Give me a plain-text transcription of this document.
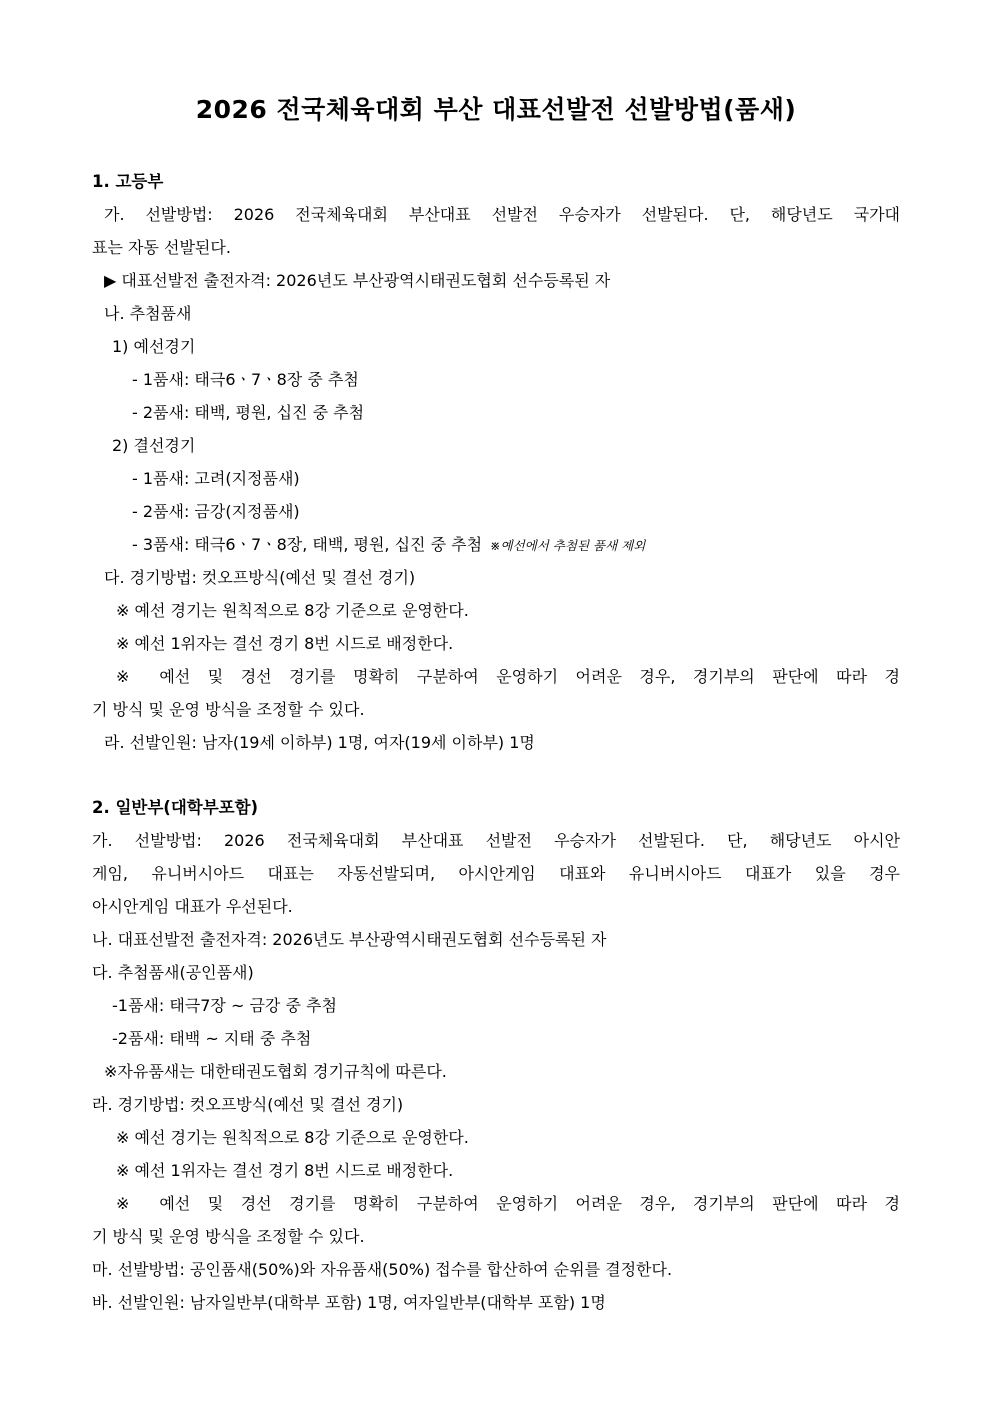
2026 전국체육대회 부산 대표선발전 선발방법(품새)
1. 고등부
가. 선발방법: 2026 전국체육대회 부산대표 선발전 우승자가 선발된다. 단, 해당년도 국가대
표는 자동 선발된다.
▶ 대표선발전 출전자격: 2026년도 부산광역시태권도협회 선수등록된 자
나. 추첨품새
1) 예선경기
- 1품새: 태극6ㆍ7ㆍ8장 중 추첨
- 2품새: 태백, 평원, 십진 중 추첨
2) 결선경기
- 1품새: 고려(지정품새)
- 2품새: 금강(지정품새)
- 3품새: 태극6ㆍ7ㆍ8장, 태백, 평원, 십진 중 추첨 ※예선에서 추첨된 품새 제외
다. 경기방법: 컷오프방식(예선 및 결선 경기)
※ 예선 경기는 원칙적으로 8강 기준으로 운영한다.
※ 예선 1위자는 결선 경기 8번 시드로 배정한다.
※ 예선 및 경선 경기를 명확히 구분하여 운영하기 어려운 경우, 경기부의 판단에 따라 경
기 방식 및 운영 방식을 조정할 수 있다.
라. 선발인원: 남자(19세 이하부) 1명, 여자(19세 이하부) 1명
2. 일반부(대학부포함)
가. 선발방법: 2026 전국체육대회 부산대표 선발전 우승자가 선발된다. 단, 해당년도 아시안
게임, 유니버시아드 대표는 자동선발되며, 아시안게임 대표와 유니버시아드 대표가 있을 경우
아시안게임 대표가 우선된다.
나. 대표선발전 출전자격: 2026년도 부산광역시태권도협회 선수등록된 자
다. 추첨품새(공인품새)
-1품새: 태극7장 ~ 금강 중 추첨
-2품새: 태백 ~ 지태 중 추첨
※자유품새는 대한태권도협회 경기규칙에 따른다.
라. 경기방법: 컷오프방식(예선 및 결선 경기)
※ 예선 경기는 원칙적으로 8강 기준으로 운영한다.
※ 예선 1위자는 결선 경기 8번 시드로 배정한다.
※ 예선 및 경선 경기를 명확히 구분하여 운영하기 어려운 경우, 경기부의 판단에 따라 경
기 방식 및 운영 방식을 조정할 수 있다.
마. 선발방법: 공인품새(50%)와 자유품새(50%) 접수를 합산하여 순위를 결정한다.
바. 선발인원: 남자일반부(대학부 포함) 1명, 여자일반부(대학부 포함) 1명
